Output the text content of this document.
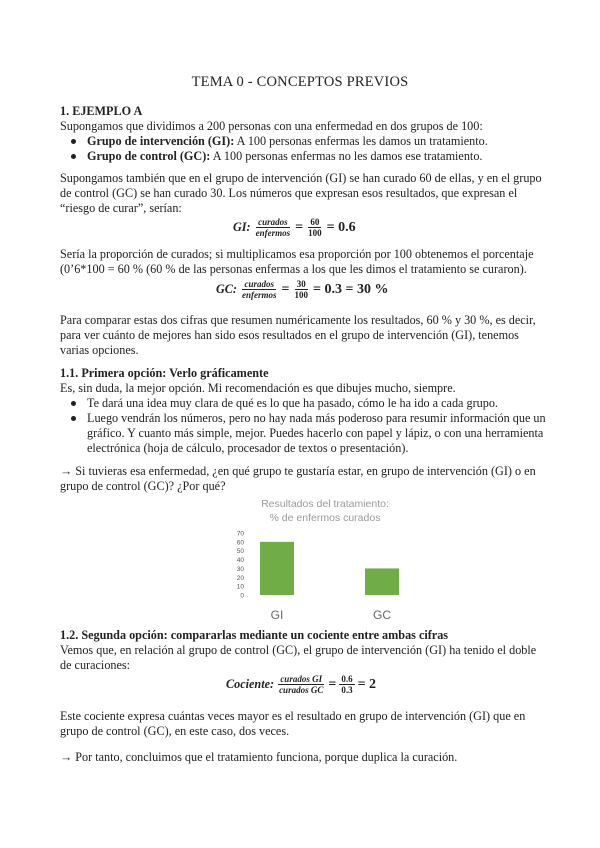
TEMA 0 - CONCEPTOS PREVIOS

1. EJEMPLO A

Supongamos que dividimos a 200 personas con una enfermedad en dos grupos de 100:

Grupo de intervención (GI): A 100 personas enfermas les damos un tratamiento.
Grupo de control (GC): A 100 personas enfermas no les damos ese tratamiento.

Supongamos también que en el grupo de intervención (GI) se han curado 60 de ellas, y en el grupo de control (GC) se han curado 30. Los números que expresan esos resultados, que expresan el “riesgo de curar”, serían:

GI: $\frac{\text{curados}}{\text{enfermos}} = \frac{60}{100} = 0.6$

Sería la proporción de curados; si multiplicamos esa proporción por 100 obtenemos el porcentaje (0’6*100 = 60 % (60 % de las personas enfermas a los que les dimos el tratamiento se curaron).

GC: $\frac{\text{curados}}{\text{enfermos}} = \frac{30}{100} = 0.3 = 30$ %

Para comparar estas dos cifras que resumen numéricamente los resultados, 60 % y 30 %, es decir, para ver cuánto de mejores han sido esos resultados en el grupo de intervención (GI), tenemos varias opciones.

1.1. Primera opción: Verlo gráficamente

Es, sin duda, la mejor opción. Mi recomendación es que dibujes mucho, siempre.

Te dará una idea muy clara de qué es lo que ha pasado, cómo le ha ido a cada grupo.
Luego vendrán los números, pero no hay nada más poderoso para resumir información que un gráfico. Y cuanto más simple, mejor. Puedes hacerlo con papel y lápiz, o con una herramienta electrónica (hoja de cálculo, procesador de textos o presentación).

→ Si tuvieras esa enfermedad, ¿en qué grupo te gustaría estar, en grupo de intervención (GI) o en grupo de control (GC)? ¿Por qué?

Resultados del tratamiento:
% de enfermos curados
0
10
20
30
40
50
60
70
GI	GC

1.2. Segunda opción: compararlas mediante un cociente entre ambas cifras

Vemos que, en relación al grupo de control (GC), el grupo de intervención (GI) ha tenido el doble de curaciones:

Cociente: $\frac{\text{curados GI}}{\text{curados GC}} = \frac{0.6}{0.3} = 2$

Este cociente expresa cuántas veces mayor es el resultado en grupo de intervención (GI) que en grupo de control (GC), en este caso, dos veces.

→ Por tanto, concluimos que el tratamiento funciona, porque duplica la curación.
